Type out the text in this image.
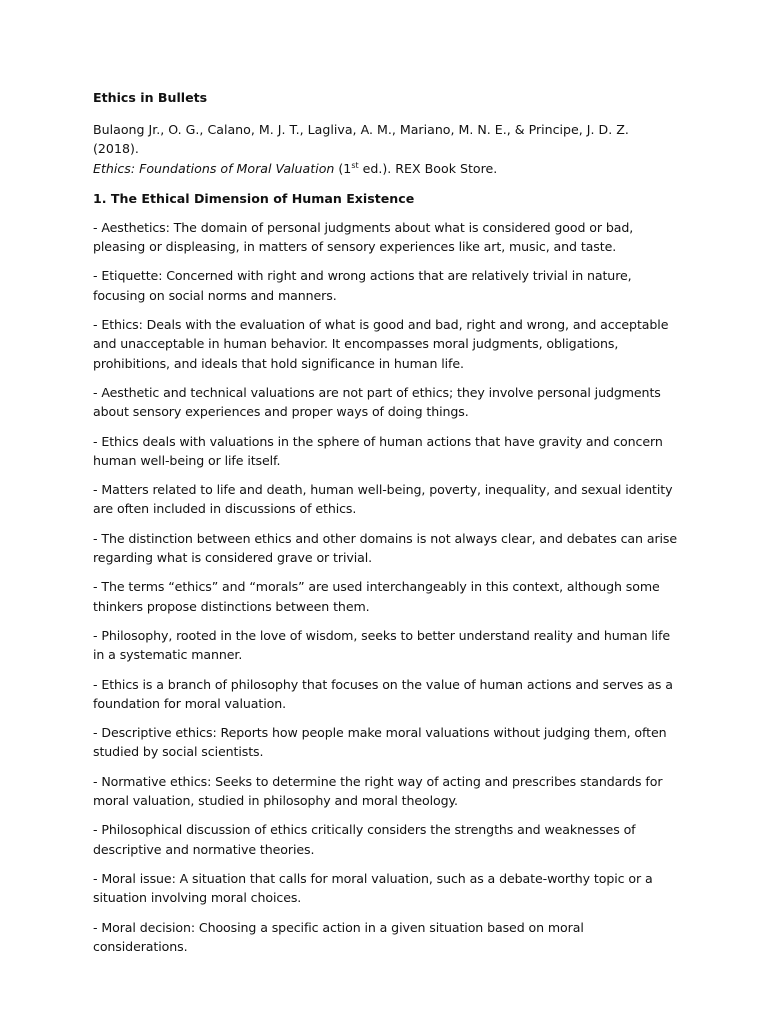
Ethics in Bullets
Bulaong Jr., O. G., Calano, M. J. T., Lagliva, A. M., Mariano, M. N. E., & Principe, J. D. Z. (2018).
Ethics: Foundations of Moral Valuation (1st ed.). REX Book Store.
1. The Ethical Dimension of Human Existence
- Aesthetics: The domain of personal judgments about what is considered good or bad, pleasing or displeasing, in matters of sensory experiences like art, music, and taste.
- Etiquette: Concerned with right and wrong actions that are relatively trivial in nature, focusing on social norms and manners.
- Ethics: Deals with the evaluation of what is good and bad, right and wrong, and acceptable and unacceptable in human behavior. It encompasses moral judgments, obligations, prohibitions, and ideals that hold significance in human life.
- Aesthetic and technical valuations are not part of ethics; they involve personal judgments about sensory experiences and proper ways of doing things.
- Ethics deals with valuations in the sphere of human actions that have gravity and concern human well-being or life itself.
- Matters related to life and death, human well-being, poverty, inequality, and sexual identity are often included in discussions of ethics.
- The distinction between ethics and other domains is not always clear, and debates can arise regarding what is considered grave or trivial.
- The terms “ethics” and “morals” are used interchangeably in this context, although some thinkers propose distinctions between them.
- Philosophy, rooted in the love of wisdom, seeks to better understand reality and human life in a systematic manner.
- Ethics is a branch of philosophy that focuses on the value of human actions and serves as a foundation for moral valuation.
- Descriptive ethics: Reports how people make moral valuations without judging them, often studied by social scientists.
- Normative ethics: Seeks to determine the right way of acting and prescribes standards for moral valuation, studied in philosophy and moral theology.
- Philosophical discussion of ethics critically considers the strengths and weaknesses of descriptive and normative theories.
- Moral issue: A situation that calls for moral valuation, such as a debate-worthy topic or a situation involving moral choices.
- Moral decision: Choosing a specific action in a given situation based on moral considerations.
